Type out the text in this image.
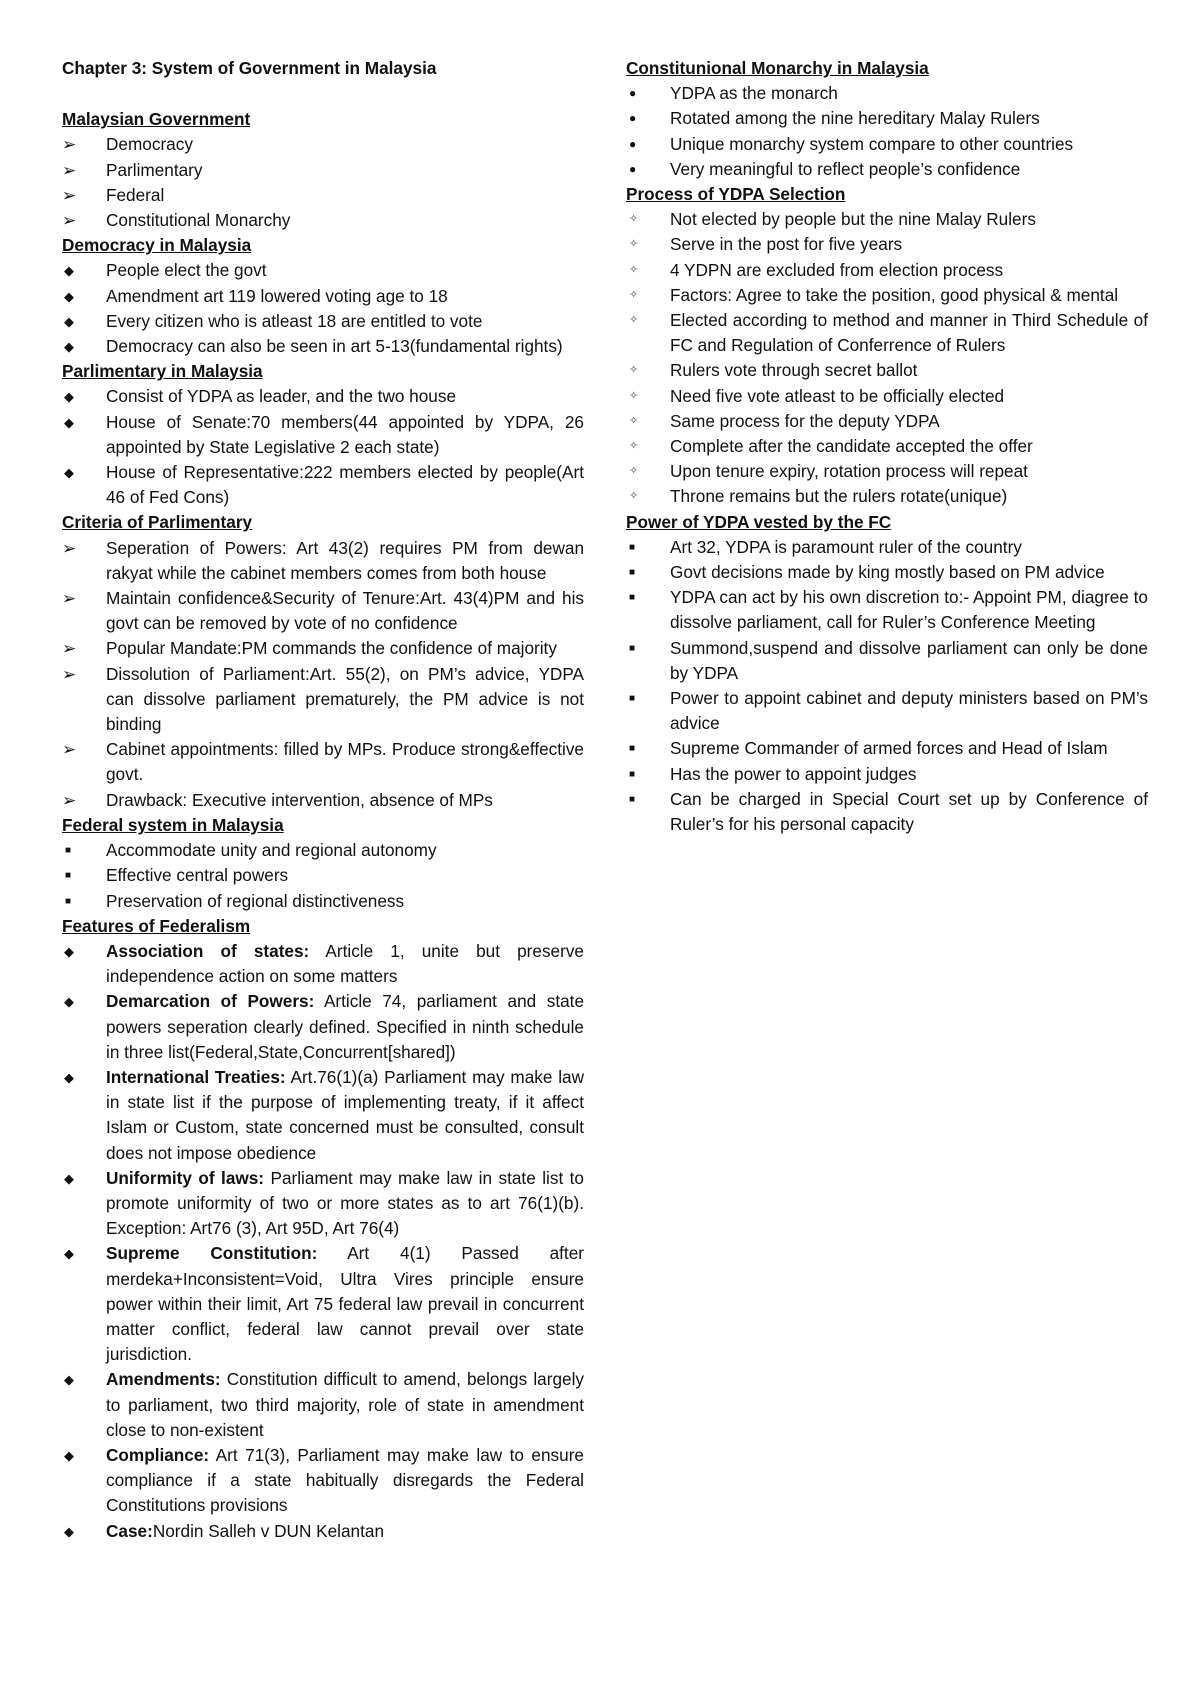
Chapter 3: System of Government in Malaysia
Malaysian Government
➢	Democracy
➢	Parlimentary
➢	Federal
➢	Constitutional Monarchy
Democracy in Malaysia
◆	People elect the govt
◆	Amendment art 119 lowered voting age to 18
◆	Every citizen who is atleast 18 are entitled to vote
◆	Democracy can also be seen in art 5-13(fundamental rights)
Parlimentary in Malaysia
◆	Consist of YDPA as leader, and the two house
◆	House of Senate:70 members(44 appointed by YDPA, 26 appointed by State Legislative 2 each state)
◆	House of Representative:222 members elected by people(Art 46 of Fed Cons)
Criteria of Parlimentary
➢	Seperation of Powers: Art 43(2) requires PM from dewan rakyat while the cabinet members comes from both house
➢	Maintain confidence&Security of Tenure:Art. 43(4)PM and his govt can be removed by vote of no confidence
➢	Popular Mandate:PM commands the confidence of majority
➢	Dissolution of Parliament:Art. 55(2), on PM’s advice, YDPA can dissolve parliament prematurely, the PM advice is not binding
➢	Cabinet appointments: filled by MPs. Produce strong&effective govt.
➢	Drawback: Executive intervention, absence of MPs
Federal system in Malaysia
■	Accommodate unity and regional autonomy
■	Effective central powers
■	Preservation of regional distinctiveness
Features of Federalism
◆	Association of states: Article 1, unite but preserve independence action on some matters
◆	Demarcation of Powers: Article 74, parliament and state powers seperation clearly defined. Specified in ninth schedule in three list(Federal,State,Concurrent[shared])
◆	International Treaties: Art.76(1)(a) Parliament may make law in state list if the purpose of implementing treaty, if it affect Islam or Custom, state concerned must be consulted, consult does not impose obedience
◆	Uniformity of laws: Parliament may make law in state list to promote uniformity of two or more states as to art 76(1)(b). Exception: Art76 (3), Art 95D, Art 76(4)
◆	Supreme Constitution: Art 4(1) Passed after merdeka+Inconsistent=Void, Ultra Vires principle ensure power within their limit, Art 75 federal law prevail in concurrent matter conflict, federal law cannot prevail over state jurisdiction.
◆	Amendments: Constitution difficult to amend, belongs largely to parliament, two third majority, role of state in amendment close to non-existent
◆	Compliance: Art 71(3), Parliament may make law to ensure compliance if a state habitually disregards the Federal Constitutions provisions
◆	Case:Nordin Salleh v DUN Kelantan
Constitunional Monarchy in Malaysia
●	YDPA as the monarch
●	Rotated among the nine hereditary Malay Rulers
●	Unique monarchy system compare to other countries
●	Very meaningful to reflect people’s confidence
Process of YDPA Selection
✧	Not elected by people but the nine Malay Rulers
✧	Serve in the post for five years
✧	4 YDPN are excluded from election process
✧	Factors: Agree to take the position, good physical & mental
✧	Elected according to method and manner in Third Schedule of FC and Regulation of Conferrence of Rulers
✧	Rulers vote through secret ballot
✧	Need five vote atleast to be officially elected
✧	Same process for the deputy YDPA
✧	Complete after the candidate accepted the offer
✧	Upon tenure expiry, rotation process will repeat
✧	Throne remains but the rulers rotate(unique)
Power of YDPA vested by the FC
■	Art 32, YDPA is paramount ruler of the country
■	Govt decisions made by king mostly based on PM advice
■	YDPA can act by his own discretion to:- Appoint PM, diagree to dissolve parliament, call for Ruler’s Conference Meeting
■	Summond,suspend and dissolve parliament can only be done by YDPA
■	Power to appoint cabinet and deputy ministers based on PM’s advice
■	Supreme Commander of armed forces and Head of Islam
■	Has the power to appoint judges
■	Can be charged in Special Court set up by Conference of Ruler’s for his personal capacity
